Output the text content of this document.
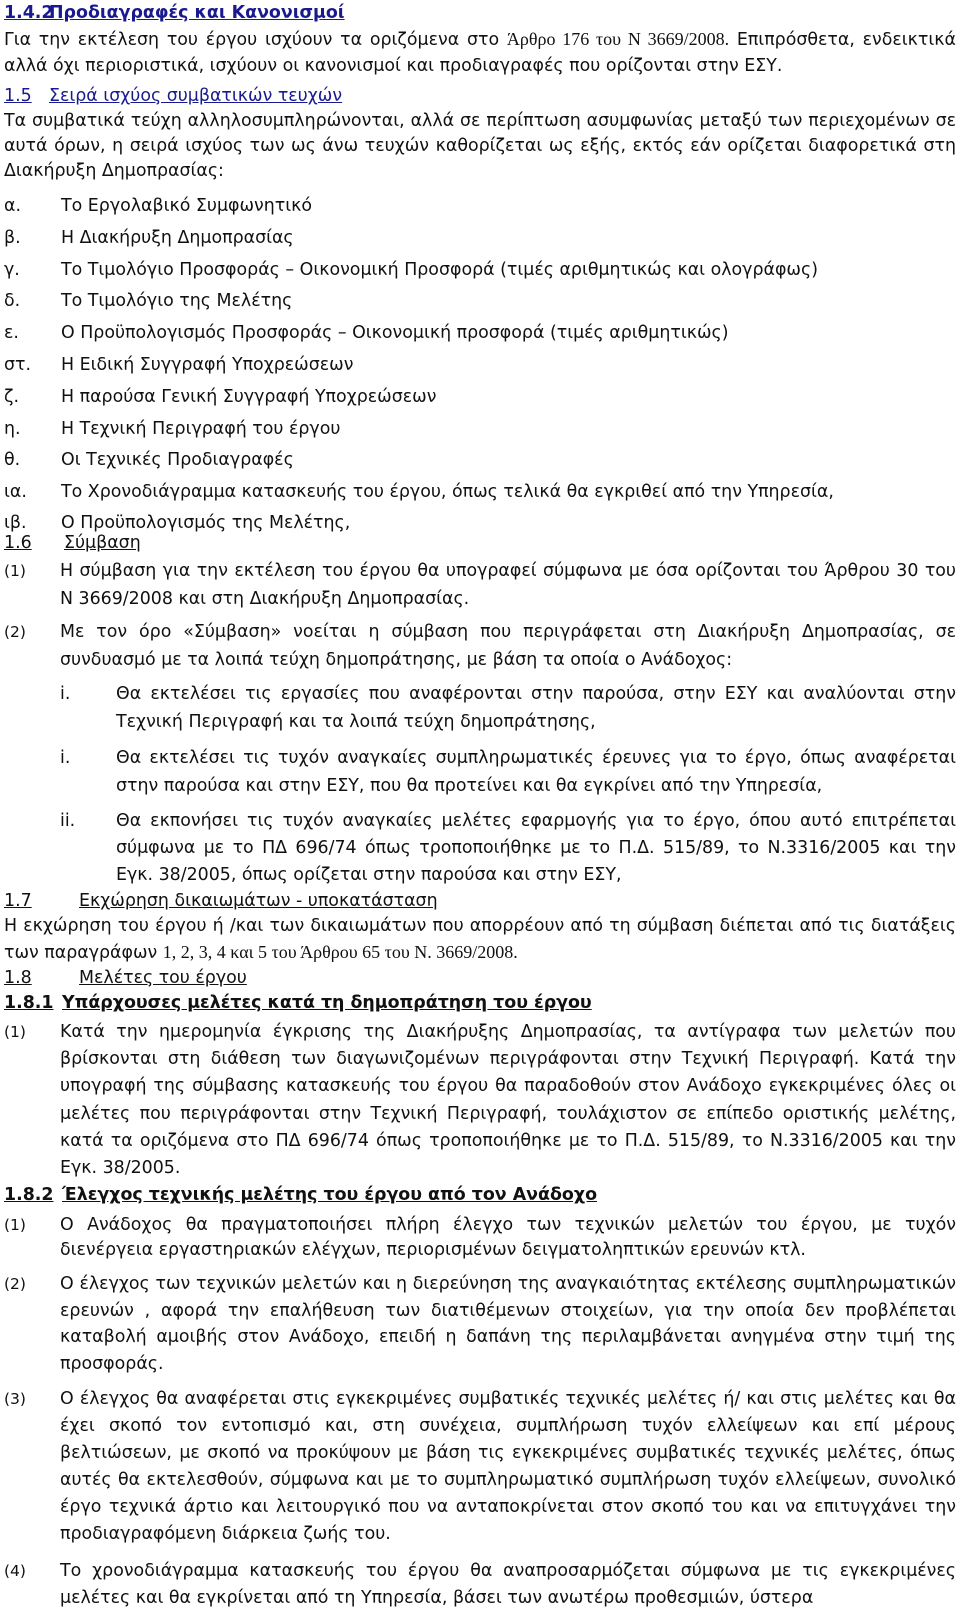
1.4.2
Προδιαγραφές και Κανονισμοί
Για την εκτέλεση του έργου ισχύουν τα οριζόμενα στο Άρθρο 176 του Ν 3669/2008. Επιπρόσθετα, ενδεικτικά αλλά όχι περιοριστικά, ισχύουν οι κανονισμοί και προδιαγραφές που ορίζονται στην ΕΣΥ.
1.5 Σειρά ισχύος συμβατικών τευχών
Τα συμβατικά τεύχη αλληλοσυμπληρώνονται, αλλά σε περίπτωση ασυμφωνίας μεταξύ των περιεχομένων σε αυτά όρων, η σειρά ισχύος των ως άνω τευχών καθορίζεται ως εξής, εκτός εάν ορίζεται διαφορετικά στη Διακήρυξη Δημοπρασίας:
α.	Το Εργολαβικό Συμφωνητικό
β.	Η Διακήρυξη Δημοπρασίας
γ.	Το Τιμολόγιο Προσφοράς – Οικονομική Προσφορά (τιμές αριθμητικώς και ολογράφως)
δ.	Το Τιμολόγιο της Μελέτης
ε.	Ο Προϋπολογισμός Προσφοράς – Οικονομική προσφορά (τιμές αριθμητικώς)
στ.	Η Ειδική Συγγραφή Υποχρεώσεων
ζ.	Η παρούσα Γενική Συγγραφή Υποχρεώσεων
η.	Η Τεχνική Περιγραφή του έργου
θ.	Οι Τεχνικές Προδιαγραφές
ια.	Το Χρονοδιάγραμμα κατασκευής του έργου, όπως τελικά θα εγκριθεί από την Υπηρεσία,
ιβ.	Ο Προϋπολογισμός της Μελέτης,
1.6	Σύμβαση
(1)	Η σύμβαση για την εκτέλεση του έργου θα υπογραφεί σύμφωνα με όσα ορίζονται του Άρθρου 30 του Ν 3669/2008 και στη Διακήρυξη Δημοπρασίας.
(2)	Με τον όρο «Σύμβαση» νοείται η σύμβαση που περιγράφεται στη Διακήρυξη Δημοπρασίας, σε συνδυασμό με τα λοιπά τεύχη δημοπράτησης, με βάση τα οποία ο Ανάδοχος:
i.	Θα εκτελέσει τις εργασίες που αναφέρονται στην παρούσα, στην ΕΣΥ και αναλύονται στην Τεχνική Περιγραφή και τα λοιπά τεύχη δημοπράτησης,
i.	Θα εκτελέσει τις τυχόν αναγκαίες συμπληρωματικές έρευνες για το έργο, όπως αναφέρεται στην παρούσα και στην ΕΣΥ, που θα προτείνει και θα εγκρίνει από την Υπηρεσία,
ii.	Θα εκπονήσει τις τυχόν αναγκαίες μελέτες εφαρμογής για το έργο, όπου αυτό επιτρέπεται σύμφωνα με το ΠΔ 696/74 όπως τροποποιήθηκε με το Π.Δ. 515/89, το Ν.3316/2005 και την Εγκ. 38/2005, όπως ορίζεται στην παρούσα και στην ΕΣΥ,
1.7	Εκχώρηση δικαιωμάτων - υποκατάσταση
Η εκχώρηση του έργου ή /και των δικαιωμάτων που απορρέουν από τη σύμβαση διέπεται από τις διατάξεις των παραγράφων 1, 2, 3, 4 και 5 του Άρθρου 65 του Ν. 3669/2008.
1.8	Μελέτες του έργου
1.8.1 Υπάρχουσες μελέτες κατά τη δημοπράτηση του έργου
(1)	Κατά την ημερομηνία έγκρισης της Διακήρυξης Δημοπρασίας, τα αντίγραφα των μελετών που βρίσκονται στη διάθεση των διαγωνιζομένων περιγράφονται στην Τεχνική Περιγραφή. Κατά την υπογραφή της σύμβασης κατασκευής του έργου θα παραδοθούν στον Ανάδοχο εγκεκριμένες όλες οι μελέτες που περιγράφονται στην Τεχνική Περιγραφή, τουλάχιστον σε επίπεδο οριστικής μελέτης, κατά τα οριζόμενα στο ΠΔ 696/74 όπως τροποποιήθηκε με το Π.Δ. 515/89, το Ν.3316/2005 και την Εγκ. 38/2005.
1.8.2 Έλεγχος τεχνικής μελέτης του έργου από τον Ανάδοχο
(1)	Ο Ανάδοχος θα πραγματοποιήσει πλήρη έλεγχο των τεχνικών μελετών του έργου, με τυχόν διενέργεια εργαστηριακών ελέγχων, περιορισμένων δειγματοληπτικών ερευνών κτλ.
(2)	Ο έλεγχος των τεχνικών μελετών και η διερεύνηση της αναγκαιότητας εκτέλεσης συμπληρωματικών ερευνών , αφορά την επαλήθευση των διατιθέμενων στοιχείων, για την οποία δεν προβλέπεται καταβολή αμοιβής στον Ανάδοχο, επειδή η δαπάνη της περιλαμβάνεται ανηγμένα στην τιμή της προσφοράς.
(3)	Ο έλεγχος θα αναφέρεται στις εγκεκριμένες συμβατικές τεχνικές μελέτες ή/ και στις μελέτες και θα έχει σκοπό τον εντοπισμό και, στη συνέχεια, συμπλήρωση τυχόν ελλείψεων και επί μέρους βελτιώσεων, με σκοπό να προκύψουν με βάση τις εγκεκριμένες συμβατικές τεχνικές μελέτες, όπως αυτές θα εκτελεσθούν, σύμφωνα και με το συμπληρωματικό συμπλήρωση τυχόν ελλείψεων, συνολικό έργο τεχνικά άρτιο και λειτουργικό που να ανταποκρίνεται στον σκοπό του και να επιτυγχάνει την προδιαγραφόμενη διάρκεια ζωής του.
(4)	Το χρονοδιάγραμμα κατασκευής του έργου θα αναπροσαρμόζεται σύμφωνα με τις εγκεκριμένες μελέτες και θα εγκρίνεται από τη Υπηρεσία, βάσει των ανωτέρω προθεσμιών, ύστερα
